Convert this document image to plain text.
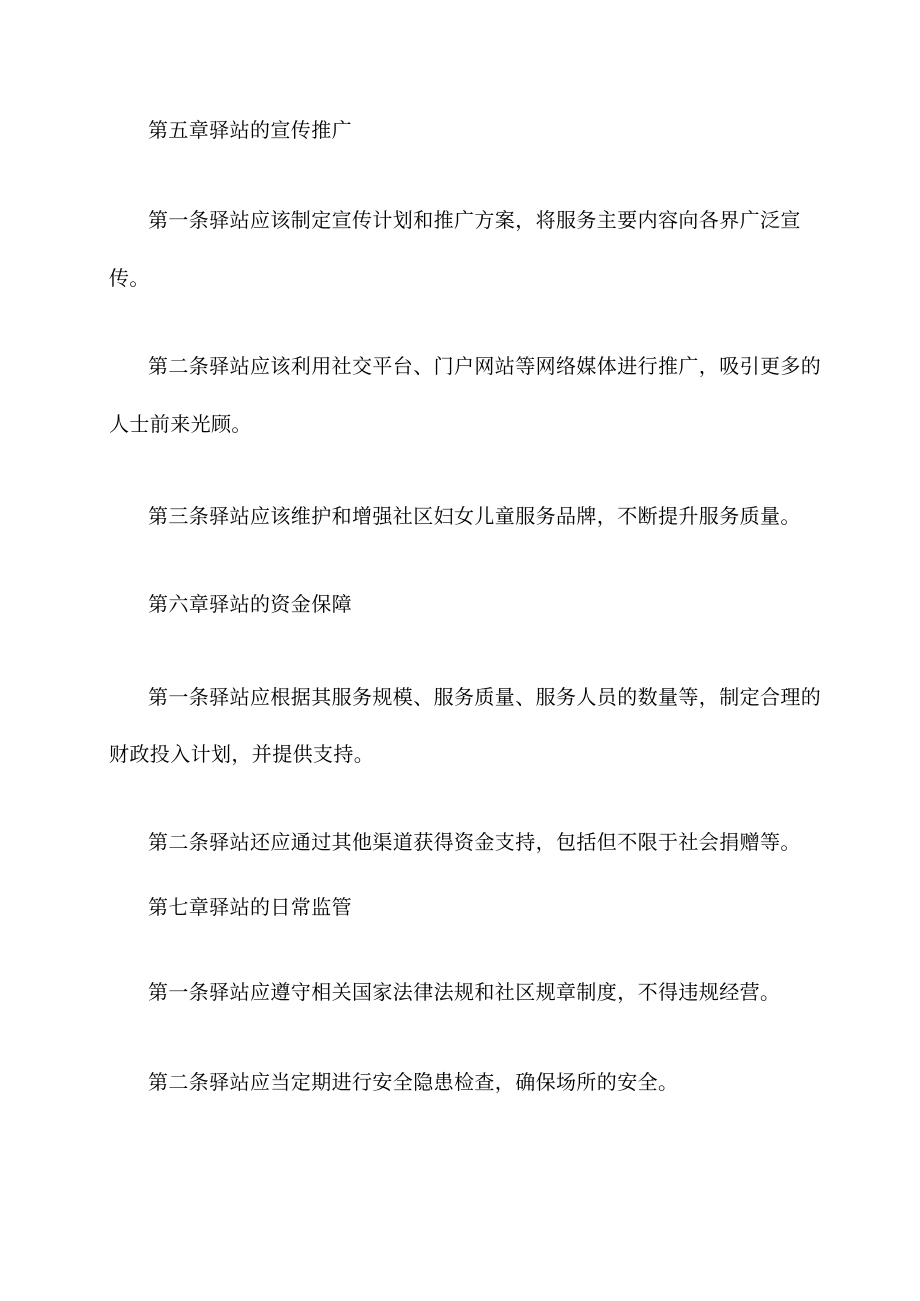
第五章驿站的宣传推广
第一条驿站应该制定宣传计划和推广方案，将服务主要内容向各界广泛宣
传。
第二条驿站应该利用社交平台、门户网站等网络媒体进行推广，吸引更多的
人士前来光顾。
第三条驿站应该维护和增强社区妇女儿童服务品牌，不断提升服务质量。
第六章驿站的资金保障
第一条驿站应根据其服务规模、服务质量、服务人员的数量等，制定合理的
财政投入计划，并提供支持。
第二条驿站还应通过其他渠道获得资金支持，包括但不限于社会捐赠等。
第七章驿站的日常监管
第一条驿站应遵守相关国家法律法规和社区规章制度，不得违规经营。
第二条驿站应当定期进行安全隐患检查，确保场所的安全。
